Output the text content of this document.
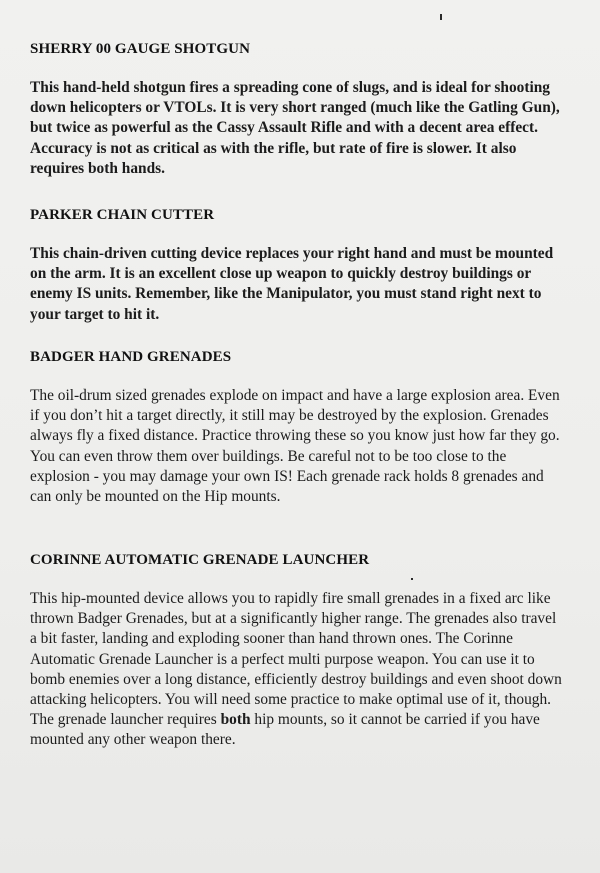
SHERRY 00 GAUGE SHOTGUN

This hand-held shotgun fires a spreading cone of slugs, and is ideal for shooting down helicopters or VTOLs. It is very short ranged (much like the Gatling Gun), but twice as powerful as the Cassy Assault Rifle and with a decent area effect. Accuracy is not as critical as with the rifle, but rate of fire is slower. It also requires both hands.

PARKER CHAIN CUTTER

This chain-driven cutting device replaces your right hand and must be mounted on the arm. It is an excellent close up weapon to quickly destroy buildings or enemy IS units. Remember, like the Manipulator, you must stand right next to your target to hit it.

BADGER HAND GRENADES

The oil-drum sized grenades explode on impact and have a large explosion area. Even if you don’t hit a target directly, it still may be destroyed by the explosion. Grenades always fly a fixed distance. Practice throwing these so you know just how far they go. You can even throw them over buildings. Be careful not to be too close to the explosion - you may damage your own IS! Each grenade rack holds 8 grenades and can only be mounted on the Hip mounts.

CORINNE AUTOMATIC GRENADE LAUNCHER

This hip-mounted device allows you to rapidly fire small grenades in a fixed arc like thrown Badger Grenades, but at a significantly higher range. The grenades also travel a bit faster, landing and exploding sooner than hand thrown ones. The Corinne Automatic Grenade Launcher is a perfect multi purpose weapon. You can use it to bomb enemies over a long distance, efficiently destroy buildings and even shoot down attacking helicopters. You will need some practice to make optimal use of it, though. The grenade launcher requires both hip mounts, so it cannot be carried if you have mounted any other weapon there.
